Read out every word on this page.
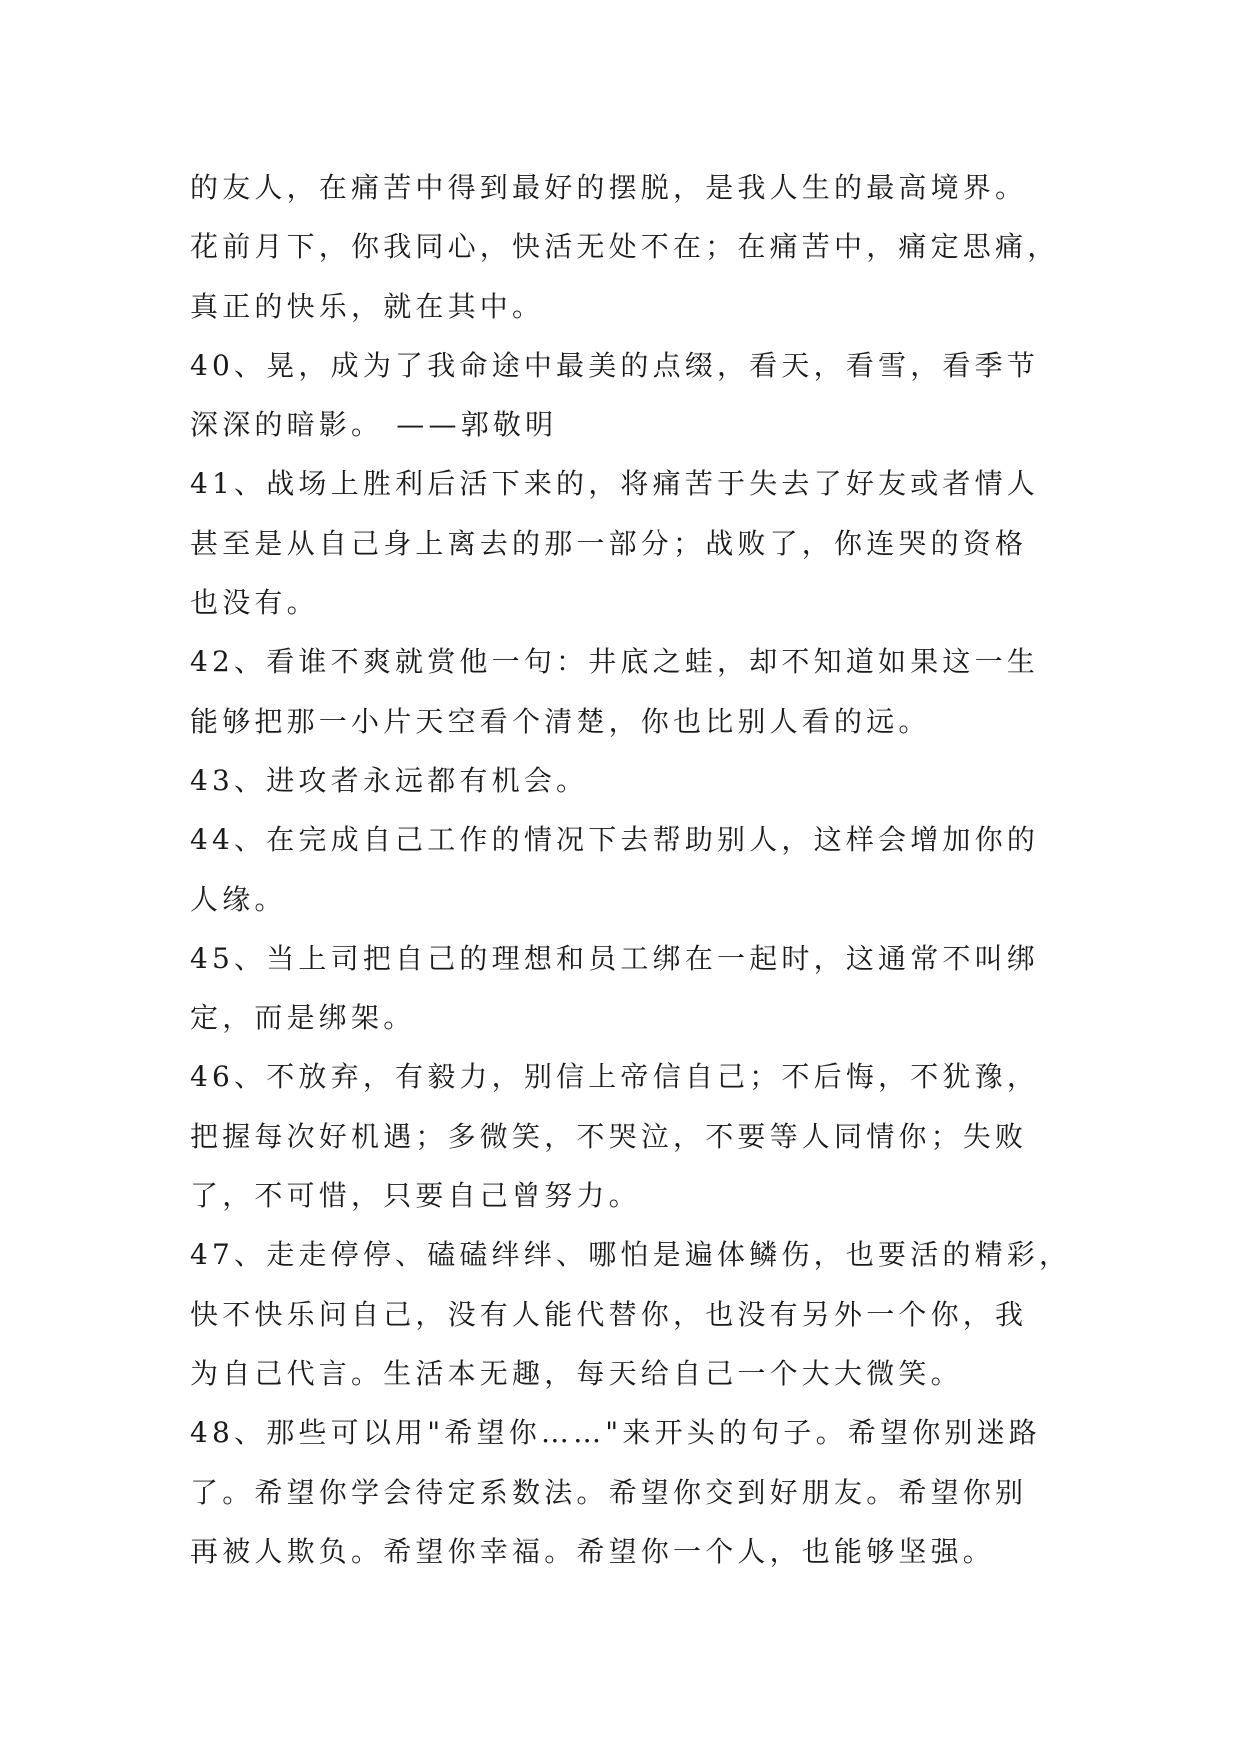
的友人，在痛苦中得到最好的摆脱，是我人生的最高境界。
花前月下，你我同心，快活无处不在；在痛苦中，痛定思痛，
真正的快乐，就在其中。
40、晃，成为了我命途中最美的点缀，看天，看雪，看季节
深深的暗影。 ——郭敬明
41、战场上胜利后活下来的，将痛苦于失去了好友或者情人
甚至是从自己身上离去的那一部分；战败了，你连哭的资格
也没有。
42、看谁不爽就赏他一句：井底之蛙，却不知道如果这一生
能够把那一小片天空看个清楚，你也比别人看的远。
43、进攻者永远都有机会。
44、在完成自己工作的情况下去帮助别人，这样会增加你的
人缘。
45、当上司把自己的理想和员工绑在一起时，这通常不叫绑
定，而是绑架。
46、不放弃，有毅力，别信上帝信自己；不后悔，不犹豫，
把握每次好机遇；多微笑，不哭泣，不要等人同情你；失败
了，不可惜，只要自己曾努力。
47、走走停停、磕磕绊绊、哪怕是遍体鳞伤，也要活的精彩，
快不快乐问自己，没有人能代替你，也没有另外一个你，我
为自己代言。生活本无趣，每天给自己一个大大微笑。
48、那些可以用"希望你……"来开头的句子。希望你别迷路
了。希望你学会待定系数法。希望你交到好朋友。希望你别
再被人欺负。希望你幸福。希望你一个人，也能够坚强。
